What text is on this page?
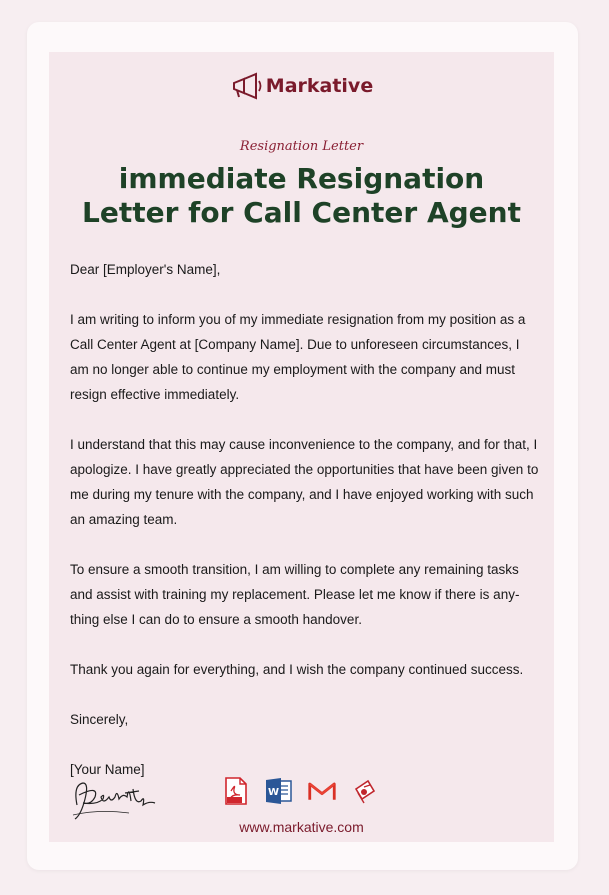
Markative
Resignation Letter
immediate Resignation
Letter for Call Center Agent

Dear [Employer's Name],

I am writing to inform you of my immediate resignation from my position as a Call Center Agent at [Company Name]. Due to unforeseen circumstances, I am no longer able to continue my employment with the company and must resign effective immediately.

I understand that this may cause inconvenience to the company, and for that, I apologize. I have greatly appreciated the opportunities that have been given to me during my tenure with the company, and I have enjoyed working with such an amazing team.

To ensure a smooth transition, I am willing to complete any remaining tasks and assist with training my replacement. Please let me know if there is any-thing else I can do to ensure a smooth handover.

Thank you again for everything, and I wish the company continued success.

Sincerely,

[Your Name]

W
www.markative.com
